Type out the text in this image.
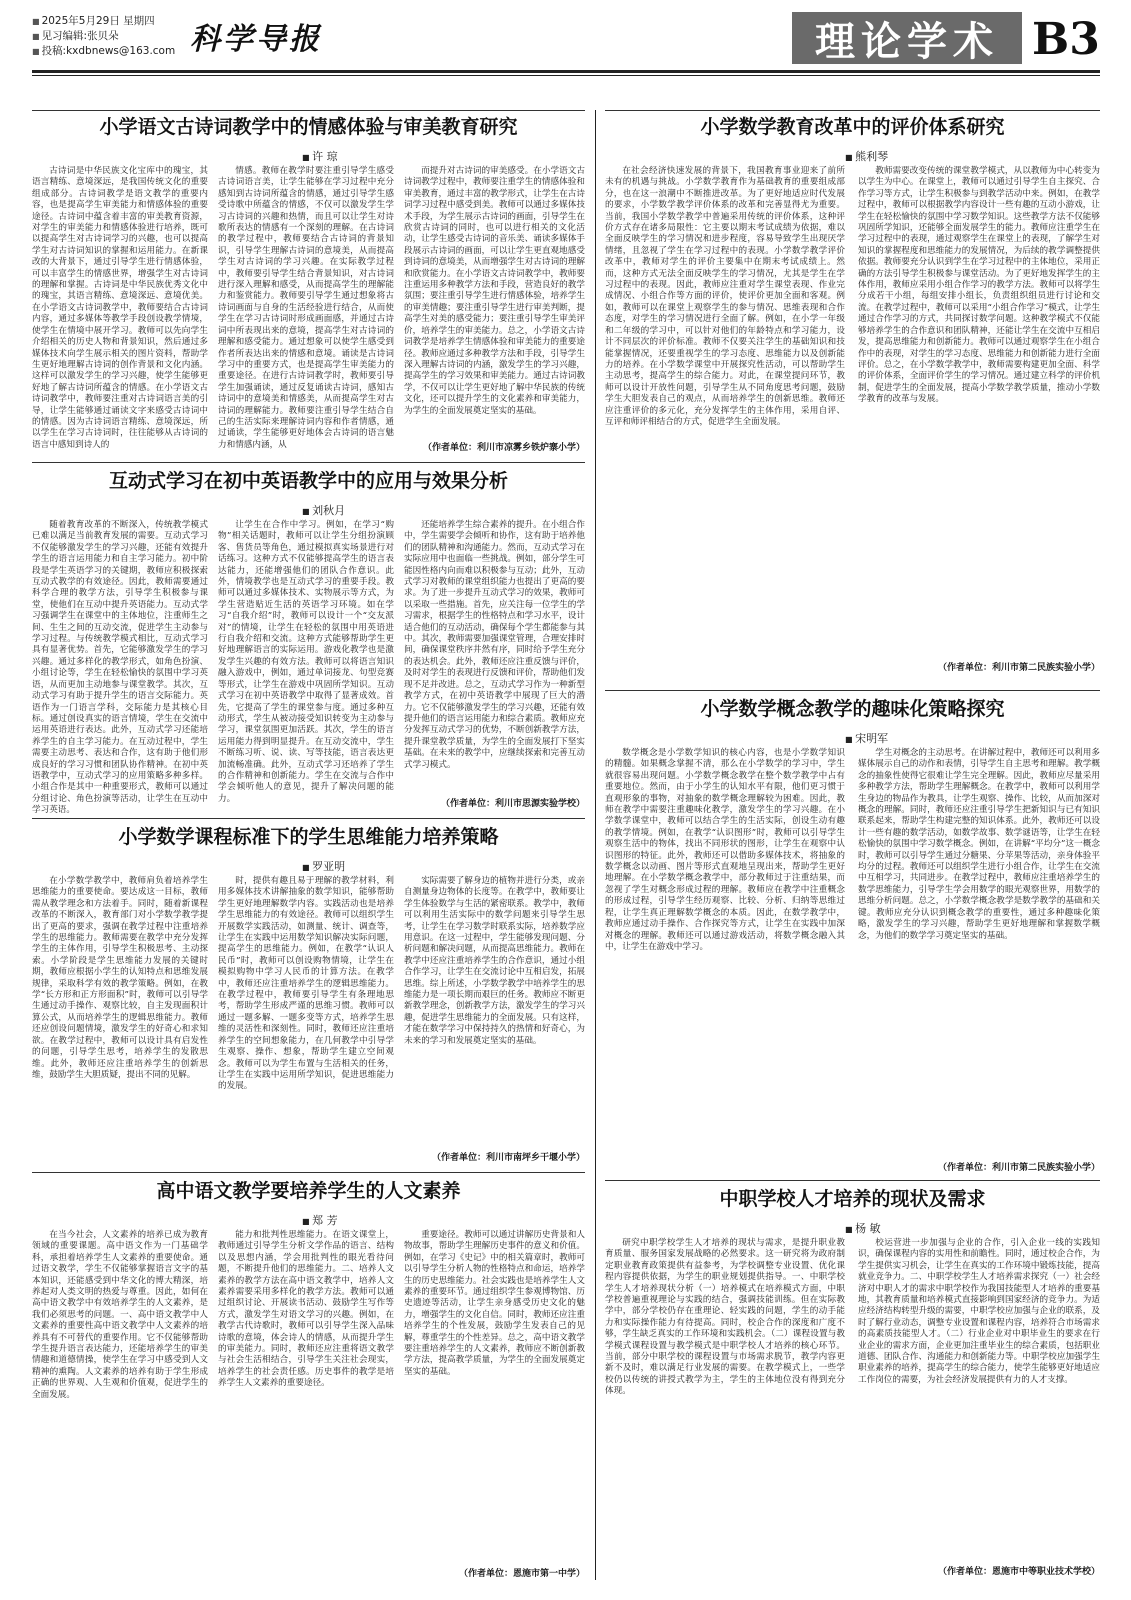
■ 2025年5月29日 星期四
■ 见习编辑:张贝朵
■ 投稿:kxdbnews@163.com 科学导报	理论学术 B3
小学语文古诗词教学中的情感体验与审美教育研究
■ 许 琼

古诗词是中华民族文化宝库中的瑰宝，其语言精练、意境深远，是我国传统文化的重要组成部分。古诗词教学是语文教学的重要内容，也是提高学生审美能力和情感体验的重要途径。古诗词中蕴含着丰富的审美教育资源，对学生的审美能力和情感体验进行培养，既可以提高学生对古诗词学习的兴趣，也可以提高学生对古诗词知识的掌握和运用能力。在新课改的大背景下，通过引导学生进行情感体验，可以丰富学生的情感世界，增强学生对古诗词的理解和掌握。古诗词是中华民族优秀文化中的瑰宝，其语言精练、意境深远、意境优美。在小学语文古诗词教学中，教师要结合古诗词内容，通过多媒体等教学手段创设教学情境，使学生在情境中展开学习。教师可以先向学生介绍相关的历史人物和背景知识，然后通过多媒体技术向学生展示相关的图片资料，帮助学生更好地理解古诗词的创作背景和文化内涵。这样可以激发学生的学习兴趣，使学生能够更好地了解古诗词所蕴含的情感。在小学语文古诗词教学中，教师要注重对古诗词语言美的引导，让学生能够通过诵读文字来感受古诗词中的情感。因为古诗词语言精练、意境深远，所以学生在学习古诗词时，往往能够从古诗词的语言中感知到诗人的

情感。教师在教学时要注重引导学生感受古诗词语言美，让学生能够在学习过程中充分感知到古诗词所蕴含的情感，通过引导学生感受诗歌中所蕴含的情感，不仅可以激发学生学习古诗词的兴趣和热情，而且可以让学生对诗歌所表达的情感有一个深刻的理解。在古诗词的教学过程中，教师要结合古诗词的背景知识，引导学生理解古诗词的意境美，从而提高学生对古诗词的学习兴趣。在实际教学过程中，教师要引导学生结合背景知识，对古诗词进行深入理解和感受，从而提高学生的理解能力和鉴赏能力。教师要引导学生通过想象将古诗词画面与自身的生活经验进行结合，从而使学生在学习古诗词时形成画面感，并通过古诗词中所表现出来的意境，提高学生对古诗词的理解和感受能力。通过想象可以使学生感受到作者所表达出来的情感和意境。诵读是古诗词学习中的重要方式，也是提高学生审美能力的重要途径。在进行古诗词教学时，教师要引导学生加强诵读，通过反复诵读古诗词，感知古诗词中的意境美和情感美，从而提高学生对古诗词的理解能力。教师要注重引导学生结合自己的生活实际来理解诗词内容和作者情感，通过诵读，学生能够更好地体会古诗词的语言魅力和情感内涵，从

而提升对古诗词的审美感受。在小学语文古诗词教学过程中，教师要注重学生的情感体验和审美教育，通过丰富的教学形式，让学生在古诗词学习过程中感受到美。教师可以通过多媒体技术手段，为学生展示古诗词的画面，引导学生在欣赏古诗词的同时，也可以进行相关的文化活动，让学生感受古诗词的音乐美、诵读多媒体手段展示古诗词的画面，可以让学生更直观地感受到诗词的意境美，从而增强学生对古诗词的理解和欣赏能力。在小学语文古诗词教学中，教师要注重运用多种教学方法和手段，营造良好的教学氛围；要注重引导学生进行情感体验，培养学生的审美情趣；要注重引导学生进行审美判断，提高学生对美的感受能力；要注重引导学生审美评价，培养学生的审美能力。总之，小学语文古诗词教学是培养学生情感体验和审美能力的重要途径。教师应通过多种教学方法和手段，引导学生深入理解古诗词的内涵，激发学生的学习兴趣，提高学生的学习效果和审美能力。通过古诗词教学，不仅可以让学生更好地了解中华民族的传统文化，还可以提升学生的文化素养和审美能力，为学生的全面发展奠定坚实的基础。

（作者单位：利川市凉雾乡铁炉寨小学）
小学数学教育改革中的评价体系研究
■ 熊利琴

在社会经济快速发展的背景下，我国教育事业迎来了前所未有的机遇与挑战。小学数学教育作为基础教育的重要组成部分，也在这一浪潮中不断推进改革。为了更好地适应时代发展的要求，小学数学教学评价体系的改革和完善显得尤为重要。当前，我国小学数学教学中普遍采用传统的评价体系，这种评价方式存在诸多局限性：它主要以期末考试成绩为依据，难以全面反映学生的学习情况和进步程度，容易导致学生出现厌学情绪，且忽视了学生在学习过程中的表现。小学数学教学评价改革中，教师对学生的评价主要集中在期末考试成绩上。然而，这种方式无法全面反映学生的学习情况，尤其是学生在学习过程中的表现。因此，教师应注重对学生课堂表现、作业完成情况、小组合作等方面的评价，使评价更加全面和客观。例如，教师可以在课堂上观察学生的参与情况、思维表现和合作态度，对学生的学习情况进行全面了解。例如，在小学一年级和二年级的学习中，可以针对他们的年龄特点和学习能力，设计不同层次的评价标准。教师不仅要关注学生的基础知识和技能掌握情况，还要重视学生的学习态度、思维能力以及创新能力的培养。在小学数学课堂中开展探究性活动，可以帮助学生主动思考，提高学生的综合能力。对此，在课堂提问环节，教师可以设计开放性问题，引导学生从不同角度思考问题，鼓励学生大胆发表自己的观点，从而培养学生的创新思维。教师还应注重评价的多元化，充分发挥学生的主体作用，采用自评、互评和师评相结合的方式，促进学生全面发展。

教师需要改变传统的课堂教学模式，从以教师为中心转变为以学生为中心。在课堂上，教师可以通过引导学生自主探究、合作学习等方式，让学生积极参与到教学活动中来。例如，在教学过程中，教师可以根据教学内容设计一些有趣的互动小游戏，让学生在轻松愉快的氛围中学习数学知识。这些教学方法不仅能够巩固所学知识，还能够全面发展学生的能力。教师应注重学生在学习过程中的表现，通过观察学生在课堂上的表现，了解学生对知识的掌握程度和思维能力的发展情况，为后续的教学调整提供依据。教师要充分认识到学生在学习过程中的主体地位，采用正确的方法引导学生积极参与课堂活动。为了更好地发挥学生的主体作用，教师应采用小组合作学习的教学方法。教师可以将学生分成若干小组，每组安排小组长，负责组织组员进行讨论和交流。在教学过程中，教师可以采用“小组合作学习”模式，让学生通过合作学习的方式，共同探讨数学问题。这种教学模式不仅能够培养学生的合作意识和团队精神，还能让学生在交流中互相启发，提高思维能力和创新能力。教师可以通过观察学生在小组合作中的表现，对学生的学习态度、思维能力和创新能力进行全面评价。总之，在小学数学教学中，教师需要构建更加全面、科学的评价体系，全面评价学生的学习情况。通过建立科学的评价机制，促进学生的全面发展，提高小学数学教学质量，推动小学数学教育的改革与发展。

（作者单位：利川市第二民族实验小学）
互动式学习在初中英语教学中的应用与效果分析
■ 刘秋月

随着教育改革的不断深入，传统教学模式已难以满足当前教育发展的需要。互动式学习不仅能够激发学生的学习兴趣，还能有效提升学生的语言运用能力和自主学习能力。初中阶段是学生英语学习的关键期，教师应积极探索互动式教学的有效途径。因此，教师需要通过科学合理的教学方法，引导学生积极参与课堂，使他们在互动中提升英语能力。互动式学习强调学生在课堂中的主体地位，注重师生之间、生生之间的互动交流，促进学生主动参与学习过程。与传统教学模式相比，互动式学习具有显著优势。首先，它能够激发学生的学习兴趣。通过多样化的教学形式，如角色扮演、小组讨论等，学生在轻松愉快的氛围中学习英语，从而更加主动地参与课堂教学。其次，互动式学习有助于提升学生的语言交际能力。英语作为一门语言学科，交际能力是其核心目标。通过创设真实的语言情境，学生在交流中运用英语进行表达。此外，互动式学习还能培养学生的自主学习能力。在互动过程中，学生需要主动思考、表达和合作，这有助于他们形成良好的学习习惯和团队协作精神。在初中英语教学中，互动式学习的应用策略多种多样。小组合作是其中一种重要形式，教师可以通过分组讨论、角色扮演等活动，让学生在互动中学习英语。

让学生在合作中学习。例如，在学习“购物”相关话题时，教师可以让学生分组扮演顾客、售货员等角色，通过模拟真实场景进行对话练习。这种方式不仅能够提高学生的语言表达能力，还能增强他们的团队合作意识。此外，情境教学也是互动式学习的重要手段。教师可以通过多媒体技术、实物展示等方式，为学生营造贴近生活的英语学习环境。如在学习“自我介绍”时，教师可以设计一个“交友派对”的情境，让学生在轻松的氛围中用英语进行自我介绍和交流。这种方式能够帮助学生更好地理解语言的实际运用。游戏化教学也是激发学生兴趣的有效方法。教师可以将语言知识融入游戏中，例如，通过单词接龙、句型竞赛等形式，让学生在游戏中巩固所学知识。互动式学习在初中英语教学中取得了显著成效。首先，它提高了学生的课堂参与度。通过多种互动形式，学生从被动接受知识转变为主动参与学习，课堂氛围更加活跃。其次，学生的语言运用能力得到明显提升。在互动交流中，学生不断练习听、说、读、写等技能，语言表达更加流畅准确。此外，互动式学习还培养了学生的合作精神和创新能力。学生在交流与合作中学会倾听他人的意见，提升了解决问题的能力。

还能培养学生综合素养的提升。在小组合作中，学生需要学会倾听和协作，这有助于培养他们的团队精神和沟通能力。然而，互动式学习在实际应用中也面临一些挑战。例如，部分学生可能因性格内向而难以积极参与互动；此外，互动式学习对教师的课堂组织能力也提出了更高的要求。为了进一步提升互动式学习的效果，教师可以采取一些措施。首先，应关注每一位学生的学习需求，根据学生的性格特点和学习水平，设计适合他们的互动活动，确保每个学生都能参与其中。其次，教师需要加强课堂管理，合理安排时间，确保课堂秩序井然有序，同时给予学生充分的表达机会。此外，教师还应注重反馈与评价，及时对学生的表现进行反馈和评价，帮助他们发现不足并改进。总之，互动式学习作为一种新型教学方式，在初中英语教学中展现了巨大的潜力。它不仅能够激发学生的学习兴趣，还能有效提升他们的语言运用能力和综合素质。教师应充分发挥互动式学习的优势，不断创新教学方法，提升课堂教学质量，为学生的全面发展打下坚实基础。在未来的教学中，应继续探索和完善互动式学习模式。

（作者单位：利川市思源实验学校）
小学数学概念教学的趣味化策略探究
■ 宋明军

数学概念是小学数学知识的核心内容，也是小学数学知识的精髓。如果概念掌握不清，那么在小学数学的学习中，学生就很容易出现问题。小学数学概念教学在整个数学教学中占有重要地位。然而，由于小学生的认知水平有限，他们更习惯于直观形象的事物，对抽象的数学概念理解较为困难。因此，教师在教学中需要注重趣味化教学，激发学生的学习兴趣。在小学数学课堂中，教师可以结合学生的生活实际，创设生动有趣的教学情境。例如，在教学“认识图形”时，教师可以引导学生观察生活中的物体，找出不同形状的图形，让学生在观察中认识图形的特征。此外，教师还可以借助多媒体技术，将抽象的数学概念以动画、图片等形式直观地呈现出来，帮助学生更好地理解。在小学数学概念教学中，部分教师过于注重结果，而忽视了学生对概念形成过程的理解。教师应在教学中注重概念的形成过程，引导学生经历观察、比较、分析、归纳等思维过程，让学生真正理解数学概念的本质。因此，在数学教学中，教师应通过动手操作、合作探究等方式，让学生在实践中加深对概念的理解。教师还可以通过游戏活动，将数学概念融入其中，让学生在游戏中学习。

学生对概念的主动思考。在讲解过程中，教师还可以利用多媒体展示自己的动作和表情，引导学生自主思考和理解。教学概念的抽象性使得它很难让学生完全理解。因此，教师应尽量采用多种教学方法，帮助学生理解概念。在教学中，教师可以利用学生身边的物品作为教具，让学生观察、操作、比较，从而加深对概念的理解。同时，教师还应注重引导学生把新知识与已有知识联系起来，帮助学生构建完整的知识体系。此外，教师还可以设计一些有趣的数学活动，如数学故事、数学谜语等，让学生在轻松愉快的氛围中学习数学概念。例如，在讲解“平均分”这一概念时，教师可以引导学生通过分糖果、分苹果等活动，亲身体验平均分的过程。教师还可以组织学生进行小组合作，让学生在交流中互相学习，共同进步。在教学过程中，教师应注重培养学生的数学思维能力，引导学生学会用数学的眼光观察世界，用数学的思维分析问题。总之，小学数学概念教学是数学教学的基础和关键。教师应充分认识到概念教学的重要性，通过多种趣味化策略，激发学生的学习兴趣，帮助学生更好地理解和掌握数学概念，为他们的数学学习奠定坚实的基础。

（作者单位：利川市第二民族实验小学）
小学数学课程标准下的学生思维能力培养策略
■ 罗亚明

在小学数学教学中，教师肩负着培养学生思维能力的重要使命。要达成这一目标，教师需从教学理念和方法着手。同时，随着新课程改革的不断深入，教育部门对小学数学教学提出了更高的要求，强调在教学过程中注重培养学生的思维能力。教师需要在教学中充分发挥学生的主体作用，引导学生积极思考、主动探索。小学阶段是学生思维能力发展的关键时期，教师应根据小学生的认知特点和思维发展规律，采取科学有效的教学策略。例如，在教学“长方形和正方形面积”时，教师可以引导学生通过动手操作、观察比较，自主发现面积计算公式，从而培养学生的逻辑思维能力。教师还应创设问题情境，激发学生的好奇心和求知欲。在教学过程中，教师可以设计具有启发性的问题，引导学生思考，培养学生的发散思维。此外，教师还应注重培养学生的创新思维，鼓励学生大胆质疑，提出不同的见解。

时，提供有趣且易于理解的教学材料，利用多媒体技术讲解抽象的数学知识，能够帮助学生更好地理解数学内容。实践活动也是培养学生思维能力的有效途径。教师可以组织学生开展数学实践活动，如测量、统计、调查等，让学生在实践中运用数学知识解决实际问题，提高学生的思维能力。例如，在教学“认识人民币”时，教师可以创设购物情境，让学生在模拟购物中学习人民币的计算方法。在教学中，教师还应注重培养学生的逻辑思维能力。在教学过程中，教师要引导学生有条理地思考，帮助学生形成严谨的思维习惯。教师可以通过一题多解、一题多变等方式，培养学生思维的灵活性和深刻性。同时，教师还应注重培养学生的空间想象能力，在几何教学中引导学生观察、操作、想象，帮助学生建立空间观念。教师可以为学生布置与生活相关的任务，让学生在实践中运用所学知识，促进思维能力的发展。

实际需要了解身边的植物并进行分类，或亲自测量身边物体的长度等。在教学中，教师要让学生体验数学与生活的紧密联系。教学中，教师可以利用生活实际中的数学问题来引导学生思考，让学生在学习数学时联系实际，培养数学应用意识。在这一过程中，学生能够发现问题、分析问题和解决问题，从而提高思维能力。教师在教学中还应注重培养学生的合作意识，通过小组合作学习，让学生在交流讨论中互相启发，拓展思维。综上所述，小学数学教学中培养学生的思维能力是一项长期而艰巨的任务。教师应不断更新教学理念，创新教学方法，激发学生的学习兴趣，促进学生思维能力的全面发展。只有这样，才能在数学学习中保持持久的热情和好奇心，为未来的学习和发展奠定坚实的基础。

（作者单位：利川市南坪乡干堰小学）
中职学校人才培养的现状及需求
■ 杨 敏

研究中职学校学生人才培养的现状与需求，是提升职业教育质量、服务国家发展战略的必然要求。这一研究将为政府制定职业教育政策提供有益参考，为学校调整专业设置、优化课程内容提供依据，为学生的职业规划提供指导。一、中职学校学生人才培养现状分析（一）培养模式在培养模式方面，中职学校普遍重视理论与实践的结合，强调技能训练。但在实际教学中，部分学校仍存在重理论、轻实践的问题，学生的动手能力和实际操作能力有待提高。同时，校企合作的深度和广度不够，学生缺乏真实的工作环境和实践机会。（二）课程设置与教学模式课程设置与教学模式是中职学校人才培养的核心环节。当前，部分中职学校的课程设置与市场需求脱节，教学内容更新不及时，难以满足行业发展的需要。在教学模式上，一些学校仍以传统的讲授式教学为主，学生的主体地位没有得到充分体现。

校运营进一步加强与企业的合作，引入企业一线的实践知识，确保课程内容的实用性和前瞻性。同时，通过校企合作，为学生提供实习机会，让学生在真实的工作环境中锻炼技能，提高就业竞争力。二、中职学校学生人才培养需求探究（一）社会经济对中职人才的需求中职学校作为我国技能型人才培养的重要基地，其教育质量和培养模式直接影响到国家经济的竞争力。为适应经济结构转型升级的需要，中职学校应加强与企业的联系，及时了解行业动态，调整专业设置和课程内容，培养符合市场需求的高素质技能型人才。（二）行业企业对中职毕业生的要求在行业企业的需求方面，企业更加注重毕业生的综合素质，包括职业道德、团队合作、沟通能力和创新能力等。中职学校应加强学生职业素养的培养，提高学生的综合能力，使学生能够更好地适应工作岗位的需要，为社会经济发展提供有力的人才支撑。

（作者单位：恩施市中等职业技术学校）
高中语文教学要培养学生的人文素养
■ 郑 芳

在当今社会，人文素养的培养已成为教育领域的重要课题。高中语文作为一门基础学科，承担着培养学生人文素养的重要使命。通过语文教学，学生不仅能够掌握语言文字的基本知识，还能感受到中华文化的博大精深，培养起对人类文明的热爱与尊重。因此，如何在高中语文教学中有效培养学生的人文素养，是我们必须思考的问题。一、高中语文教学中人文素养的重要性高中语文教学中人文素养的培养具有不可替代的重要作用。它不仅能够帮助学生提升语言表达能力，还能培养学生的审美情趣和道德情操，使学生在学习中感受到人文精神的熏陶。人文素养的培养有助于学生形成正确的世界观、人生观和价值观，促进学生的全面发展。

能力和批判性思维能力。在语文课堂上，教师通过引导学生分析文学作品的语言、结构以及思想内涵，学会用批判性的眼光看待问题，不断提升他们的思维能力。二、培养人文素养的教学方法在高中语文教学中，培养人文素养需要采用多样化的教学方法。教师可以通过组织讨论、开展读书活动、鼓励学生写作等方式，激发学生对语文学习的兴趣。例如，在教学古代诗歌时，教师可以引导学生深入品味诗歌的意境，体会诗人的情感，从而提升学生的审美能力。同时，教师还应注重将语文教学与社会生活相结合，引导学生关注社会现实，培养学生的社会责任感。历史事件的教学是培养学生人文素养的重要途径。

重要途径。教师可以通过讲解历史背景和人物故事，帮助学生理解历史事件的意义和价值。例如，在学习《史记》中的相关篇章时，教师可以引导学生分析人物的性格特点和命运，培养学生的历史思维能力。社会实践也是培养学生人文素养的重要环节。通过组织学生参观博物馆、历史遗迹等活动，让学生亲身感受历史文化的魅力，增强学生的文化自信。同时，教师还应注重培养学生的个性发展，鼓励学生发表自己的见解，尊重学生的个性差异。总之，高中语文教学要注重培养学生的人文素养，教师应不断创新教学方法，提高教学质量，为学生的全面发展奠定坚实的基础。

（作者单位：恩施市第一中学）
